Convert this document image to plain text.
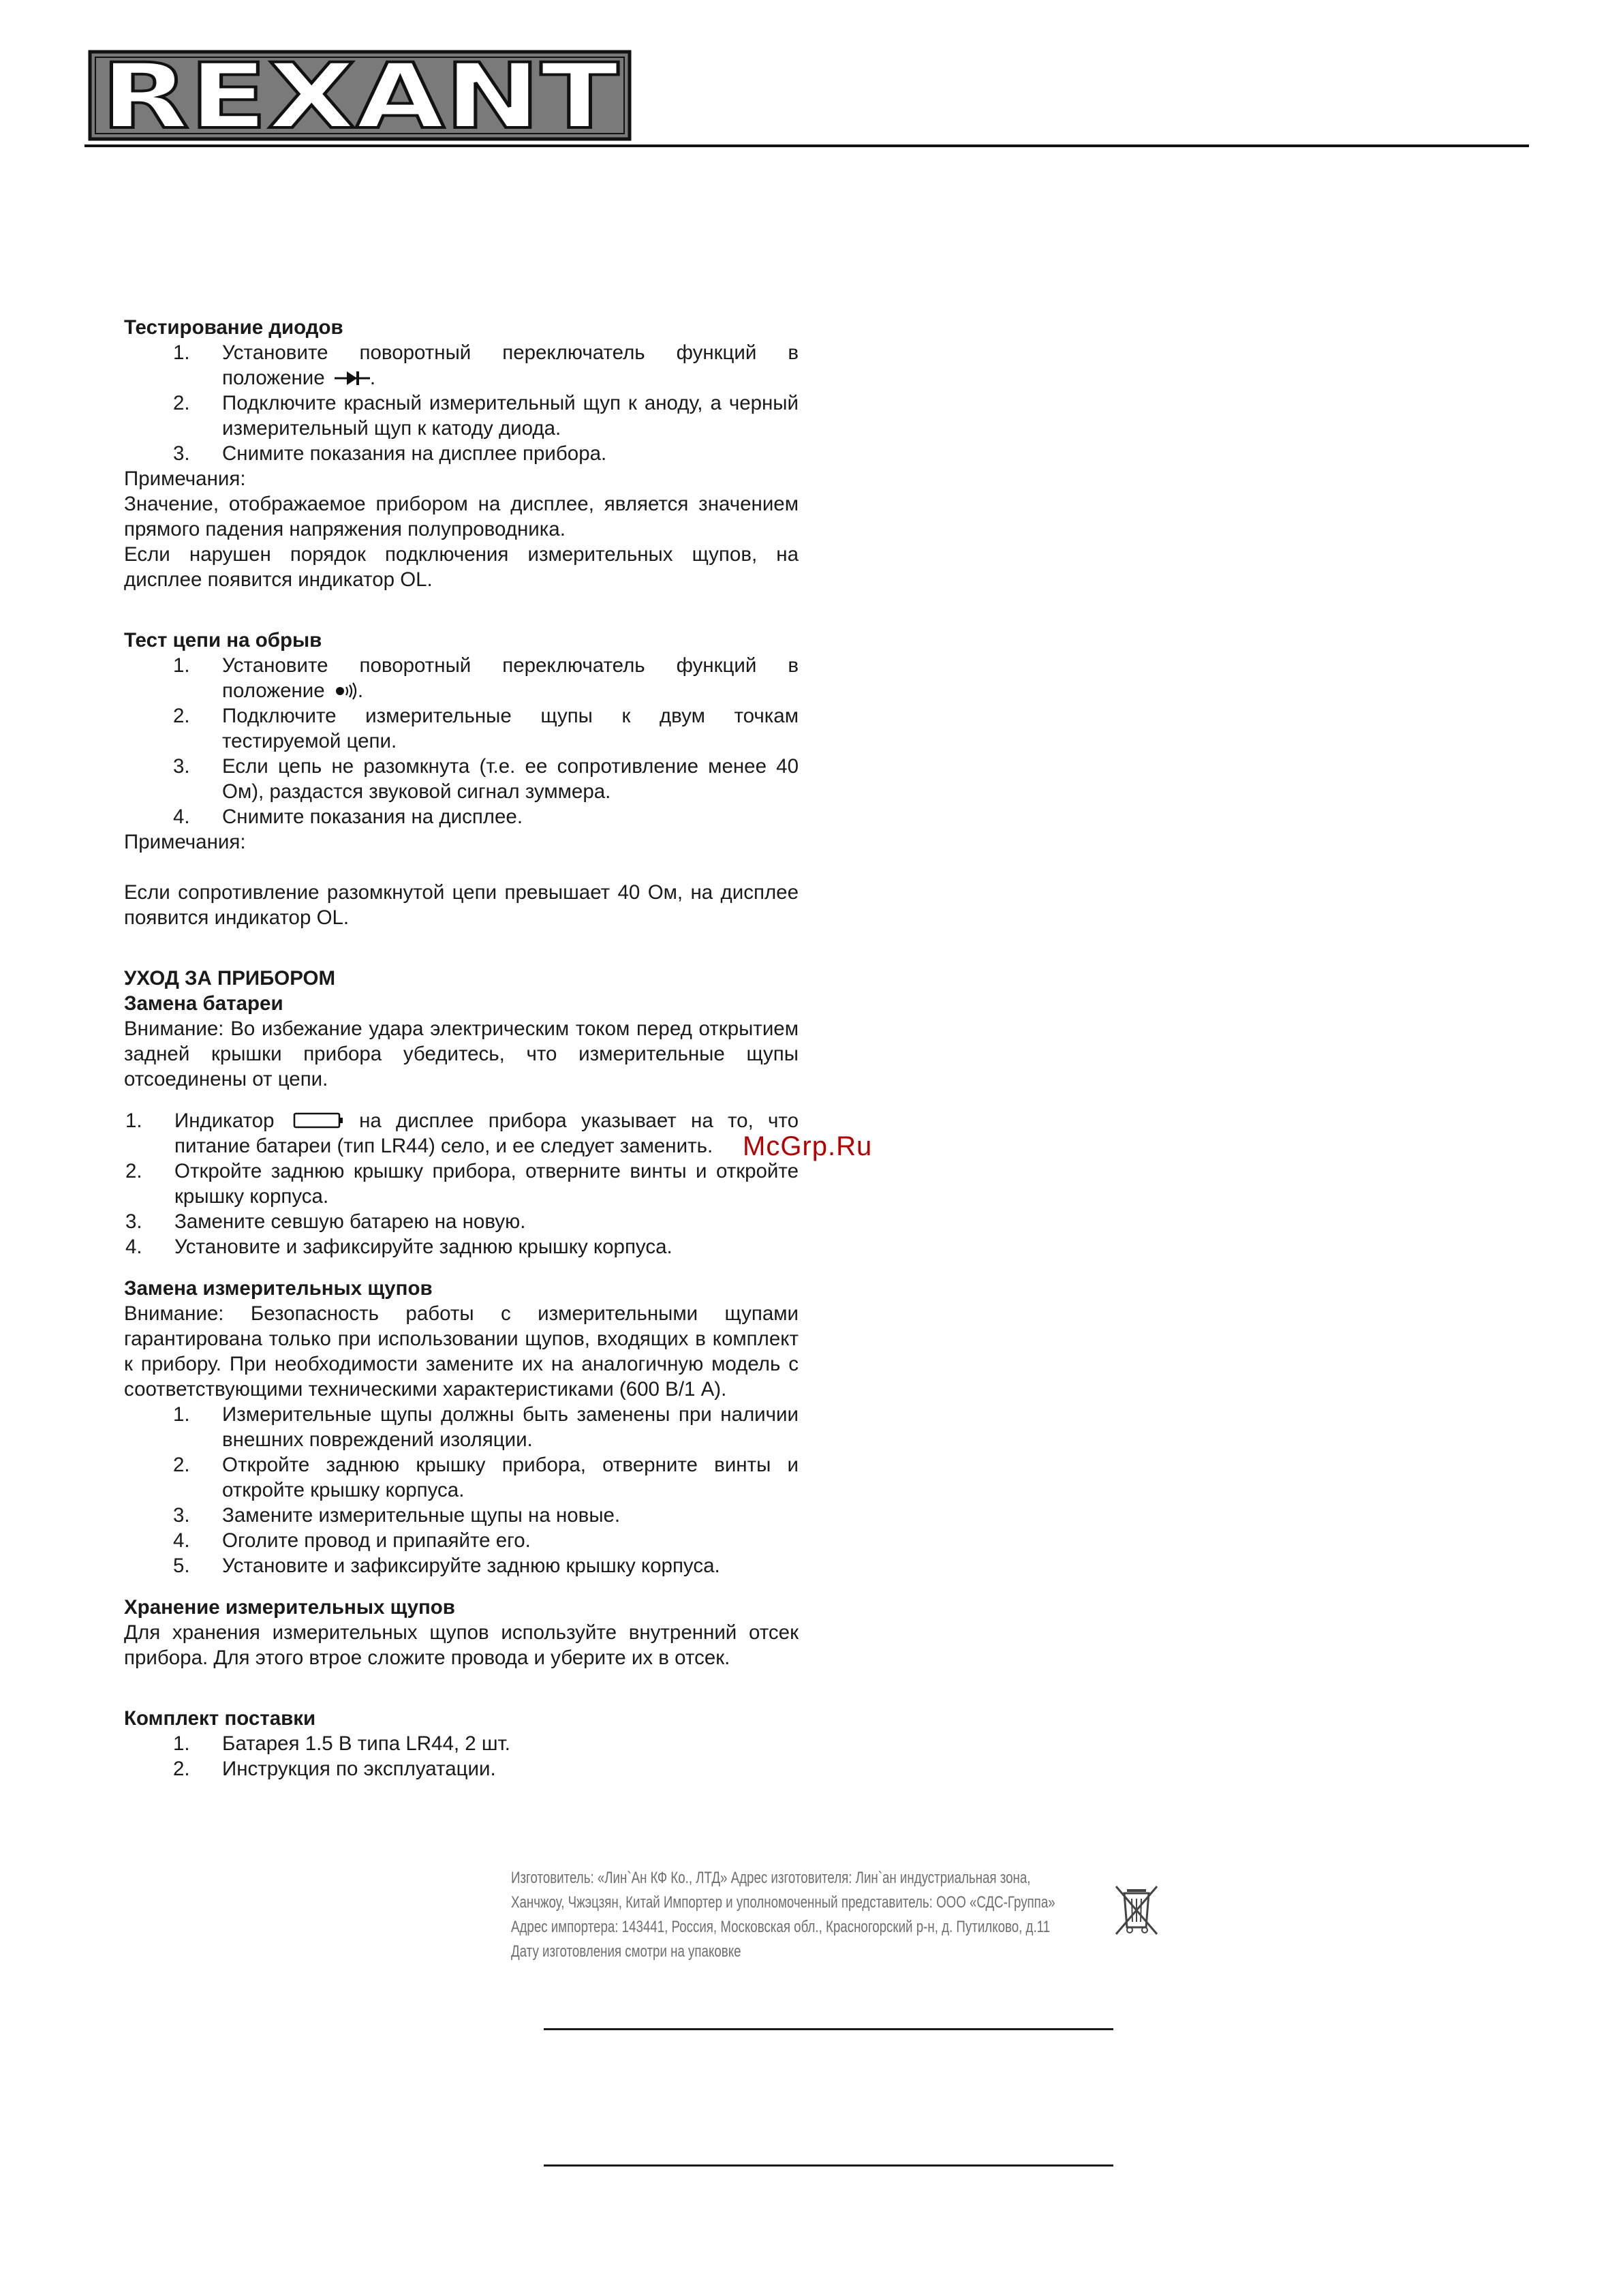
REXANT
Тестирование диодов
1. Установите поворотный переключатель функций в положение .
2. Подключите красный измерительный щуп к аноду, а черный измерительный щуп к катоду диода.
3. Снимите показания на дисплее прибора.
Примечания:
Значение, отображаемое прибором на дисплее, является значением прямого падения напряжения полупроводника.
Если нарушен порядок подключения измерительных щупов, на дисплее появится индикатор OL.
Тест цепи на обрыв
1. Установите поворотный переключатель функций в положение .
2. Подключите измерительные щупы к двум точкам тестируемой цепи.
3. Если цепь не разомкнута (т.е. ее сопротивление менее 40 Ом), раздастся звуковой сигнал зуммера.
4. Снимите показания на дисплее.
Примечания:
Если сопротивление разомкнутой цепи превышает 40 Ом, на дисплее появится индикатор OL.
УХОД ЗА ПРИБОРОМ
Замена батареи
Внимание: Во избежание удара электрическим током перед открытием задней крышки прибора убедитесь, что измерительные щупы отсоединены от цепи.
1. Индикатор	на дисплее прибора указывает на то, что питание батареи (тип LR44) село, и ее следует заменить.
2. Откройте заднюю крышку прибора, отверните винты и откройте крышку корпуса.
3. Замените севшую батарею на новую.
4. Установите и зафиксируйте заднюю крышку корпуса.
Замена измерительных щупов
Внимание: Безопасность работы с измерительными щупами гарантирована только при использовании щупов, входящих в комплект к прибору. При необходимости замените их на аналогичную модель с соответствующими техническими характеристиками (600 В/1 А).
1. Измерительные щупы должны быть заменены при наличии внешних повреждений изоляции.
2. Откройте заднюю крышку прибора, отверните винты и откройте крышку корпуса.
3. Замените измерительные щупы на новые.
4. Оголите провод и припаяйте его.
5. Установите и зафиксируйте заднюю крышку корпуса.
Хранение измерительных щупов
Для хранения измерительных щупов используйте внутренний отсек прибора. Для этого втрое сложите провода и уберите их в отсек.
Комплект поставки
1. Батарея 1.5 В типа LR44, 2 шт.
2. Инструкция по эксплуатации.
McGrp.Ru
Изготовитель: «Лин`Ан КФ Ко., ЛТД» Адрес изготовителя: Лин`ан индустриальная зона,
Ханчжоу, Чжэцзян, Китай Импортер и уполномоченный представитель: ООО «СДС-Группа»
Адрес импортера: 143441, Россия, Московская обл., Красногорский р-н, д. Путилково, д.11
Дату изготовления смотри на упаковке
